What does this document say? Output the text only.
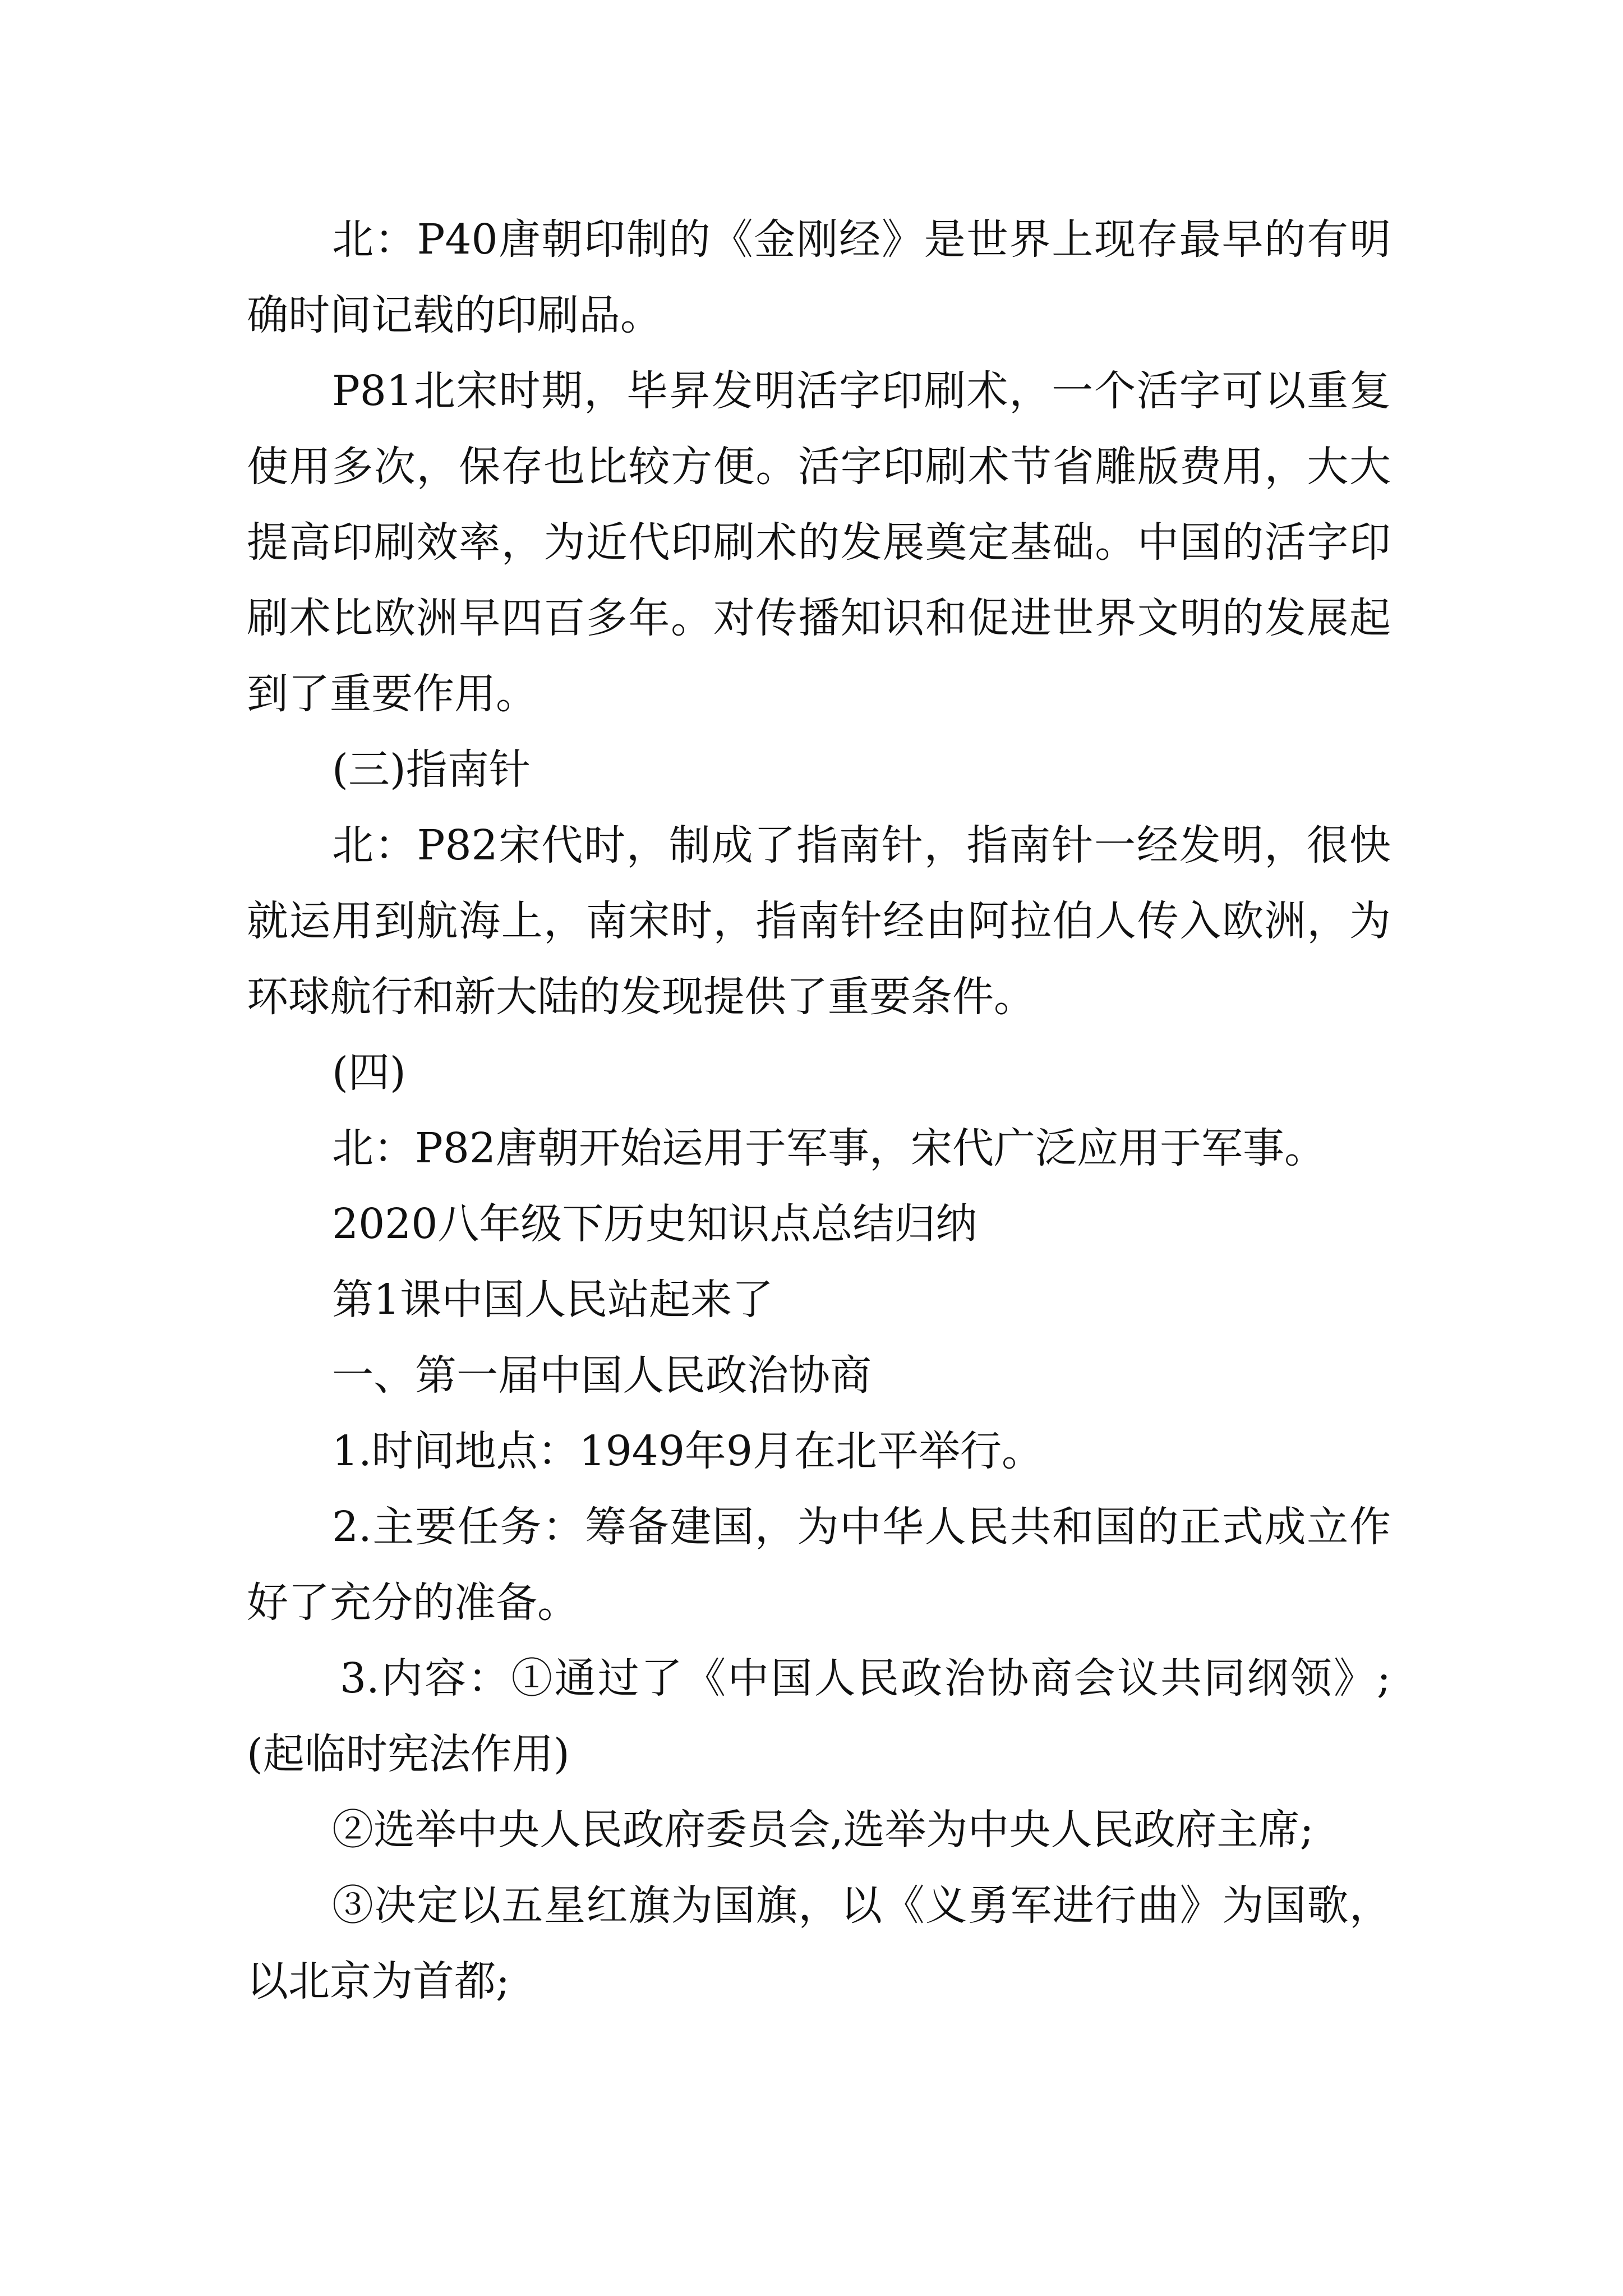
北：P40唐朝印制的《金刚经》是世界上现存最早的有明确时间记载的印刷品。

P81北宋时期，毕昇发明活字印刷术，一个活字可以重复使用多次，保存也比较方便。活字印刷术节省雕版费用，大大提高印刷效率，为近代印刷术的发展奠定基础。中国的活字印刷术比欧洲早四百多年。对传播知识和促进世界文明的发展起到了重要作用。

(三)指南针

北：P82宋代时，制成了指南针，指南针一经发明，很快就运用到航海上，南宋时，指南针经由阿拉伯人传入欧洲，为环球航行和新大陆的发现提供了重要条件。

(四)

北：P82唐朝开始运用于军事，宋代广泛应用于军事。

2020八年级下历史知识点总结归纳

第1课中国人民站起来了

一、第一届中国人民政治协商

1.时间地点：1949年9月在北平举行。

2.主要任务：筹备建国，为中华人民共和国的正式成立作好了充分的准备。

3.内容：①通过了《中国人民政治协商会议共同纲领》;(起临时宪法作用)

②选举中央人民政府委员会,选举为中央人民政府主席;

③决定以五星红旗为国旗，以《义勇军进行曲》为国歌，以北京为首都;
